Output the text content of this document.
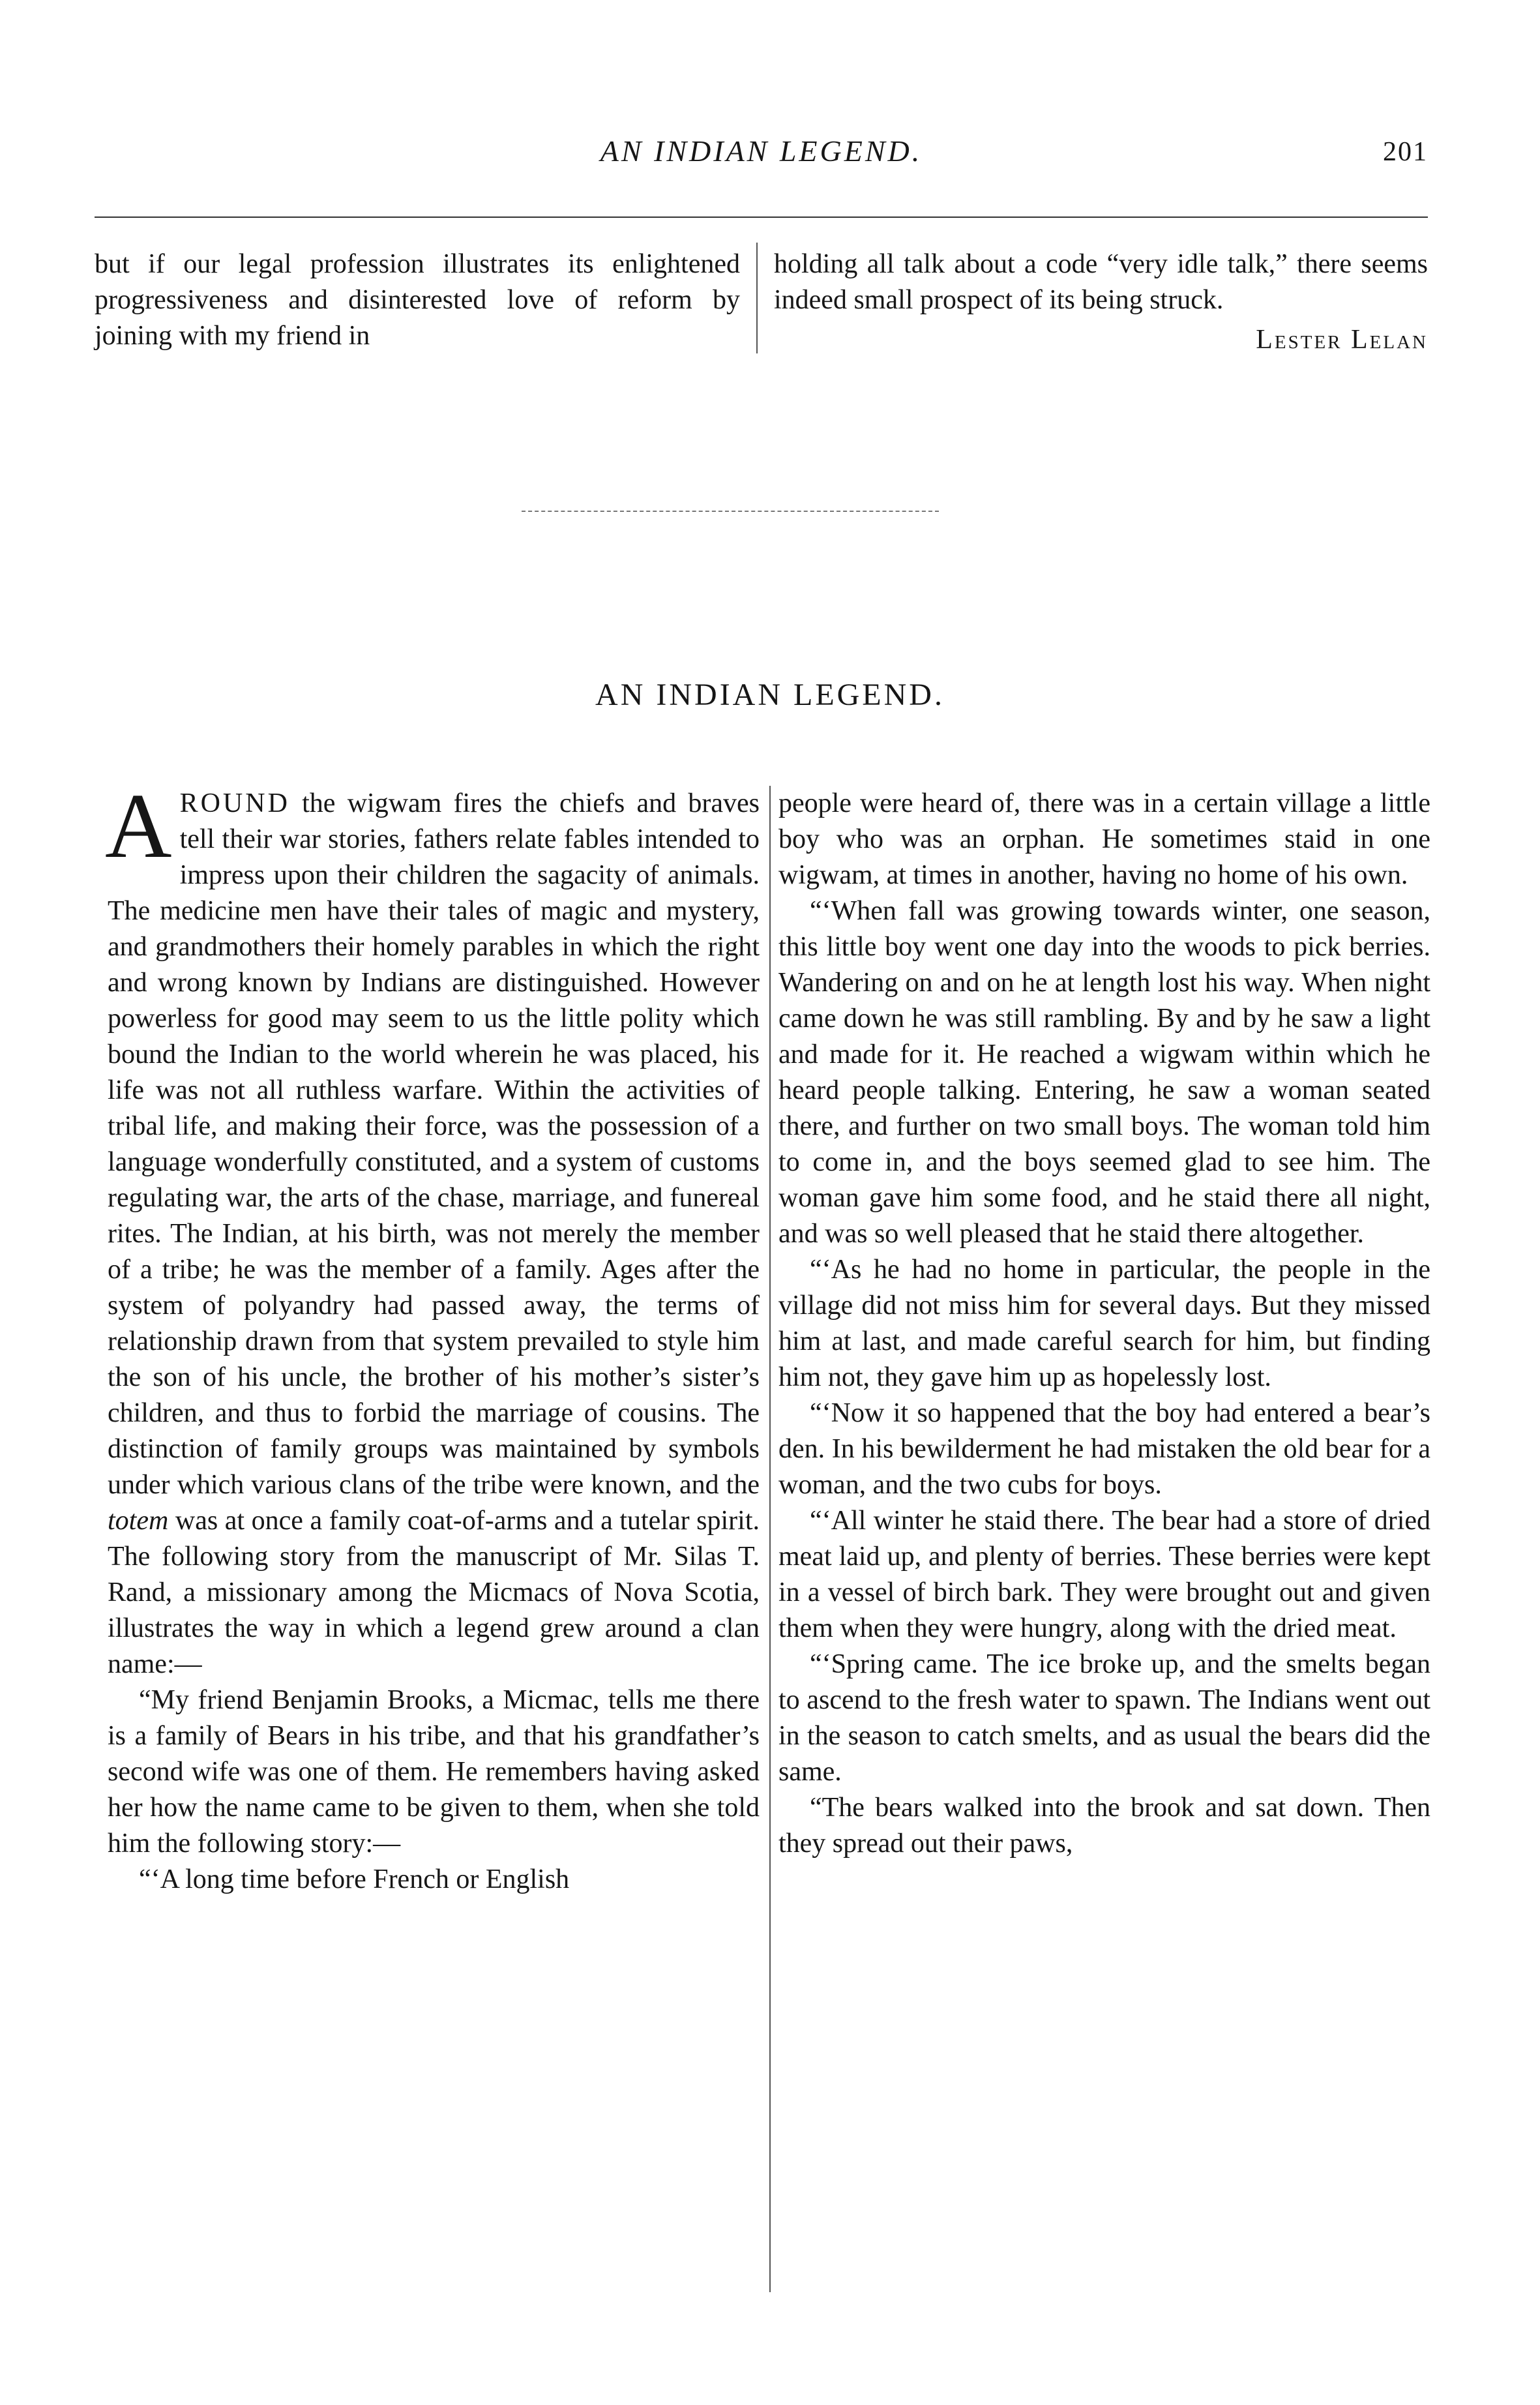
AN INDIAN LEGEND.	201

but if our legal profession illustrates its enlightened progressiveness and disinterested love of reform by joining with my friend in

holding all talk about a code “very idle talk,” there seems indeed small prospect of its being struck.

Lester Lelan

AN INDIAN LEGEND.

AROUND the wigwam fires the chiefs and braves tell their war stories, fathers relate fables intended to impress upon their children the sagacity of animals. The medicine men have their tales of magic and mystery, and grandmothers their homely parables in which the right and wrong known by Indians are distinguished. However powerless for good may seem to us the little polity which bound the Indian to the world wherein he was placed, his life was not all ruthless warfare. Within the activities of tribal life, and making their force, was the possession of a language wonderfully constituted, and a system of customs regulating war, the arts of the chase, marriage, and funereal rites. The Indian, at his birth, was not merely the member of a tribe; he was the member of a family. Ages after the system of polyandry had passed away, the terms of relationship drawn from that system prevailed to style him the son of his uncle, the brother of his mother’s sister’s children, and thus to forbid the marriage of cousins. The distinction of family groups was maintained by symbols under which various clans of the tribe were known, and the totem was at once a family coat-of-arms and a tutelar spirit. The following story from the manuscript of Mr. Silas T. Rand, a missionary among the Micmacs of Nova Scotia, illustrates the way in which a legend grew around a clan name:—

“My friend Benjamin Brooks, a Micmac, tells me there is a family of Bears in his tribe, and that his grandfather’s second wife was one of them. He remembers having asked her how the name came to be given to them, when she told him the following story:—

“‘A long time before French or English

people were heard of, there was in a certain village a little boy who was an orphan. He sometimes staid in one wigwam, at times in another, having no home of his own.

“‘When fall was growing towards winter, one season, this little boy went one day into the woods to pick berries. Wandering on and on he at length lost his way. When night came down he was still rambling. By and by he saw a light and made for it. He reached a wigwam within which he heard people talking. Entering, he saw a woman seated there, and further on two small boys. The woman told him to come in, and the boys seemed glad to see him. The woman gave him some food, and he staid there all night, and was so well pleased that he staid there altogether.

“‘As he had no home in particular, the people in the village did not miss him for several days. But they missed him at last, and made careful search for him, but finding him not, they gave him up as hopelessly lost.

“‘Now it so happened that the boy had entered a bear’s den. In his bewilderment he had mistaken the old bear for a woman, and the two cubs for boys.

“‘All winter he staid there. The bear had a store of dried meat laid up, and plenty of berries. These berries were kept in a vessel of birch bark. They were brought out and given them when they were hungry, along with the dried meat.

“‘Spring came. The ice broke up, and the smelts began to ascend to the fresh water to spawn. The Indians went out in the season to catch smelts, and as usual the bears did the same.

“The bears walked into the brook and sat down. Then they spread out their paws,
